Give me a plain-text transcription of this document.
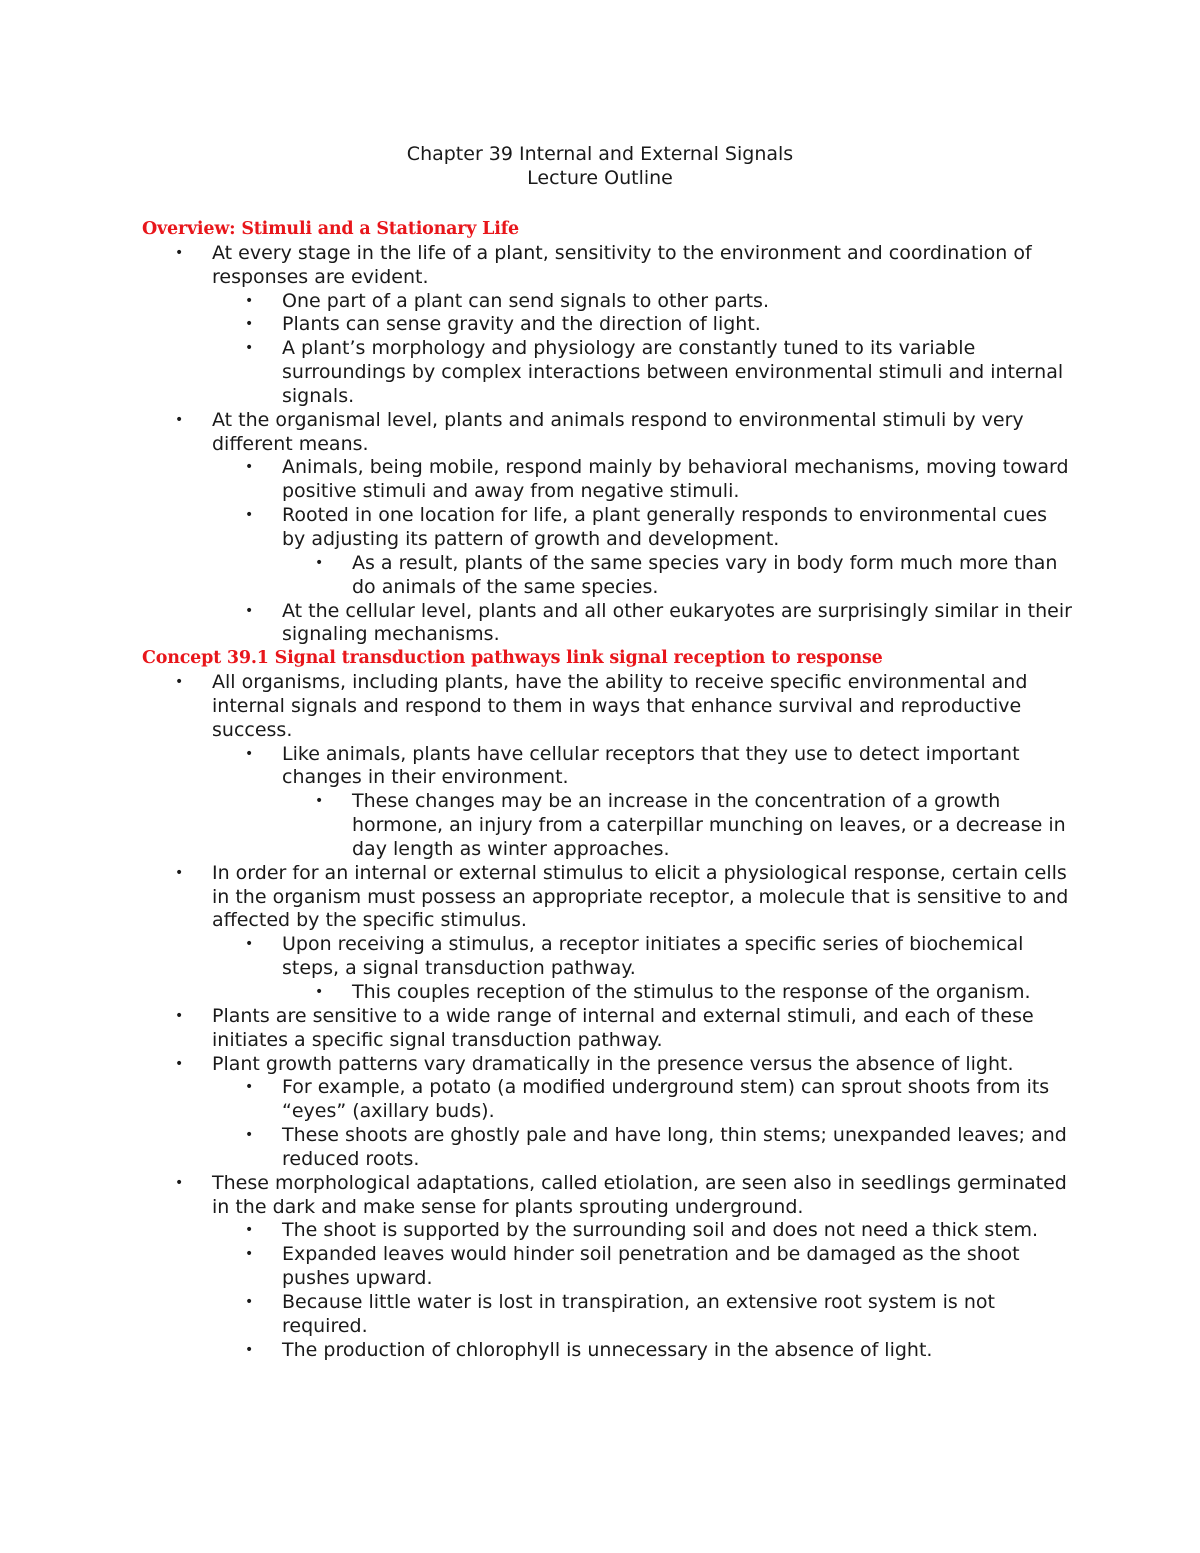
Chapter 39 Internal and External Signals
Lecture Outline
Overview: Stimuli and a Stationary Life
• At every stage in the life of a plant, sensitivity to the environment and coordination of responses are evident.
• One part of a plant can send signals to other parts.
• Plants can sense gravity and the direction of light.
• A plant’s morphology and physiology are constantly tuned to its variable surroundings by complex interactions between environmental stimuli and internal signals.
• At the organismal level, plants and animals respond to environmental stimuli by very different means.
• Animals, being mobile, respond mainly by behavioral mechanisms, moving toward positive stimuli and away from negative stimuli.
• Rooted in one location for life, a plant generally responds to environmental cues by adjusting its pattern of growth and development.
• As a result, plants of the same species vary in body form much more than do animals of the same species.
• At the cellular level, plants and all other eukaryotes are surprisingly similar in their signaling mechanisms.
Concept 39.1 Signal transduction pathways link signal reception to response
• All organisms, including plants, have the ability to receive specific environmental and internal signals and respond to them in ways that enhance survival and reproductive success.
• Like animals, plants have cellular receptors that they use to detect important changes in their environment.
• These changes may be an increase in the concentration of a growth hormone, an injury from a caterpillar munching on leaves, or a decrease in day length as winter approaches.
• In order for an internal or external stimulus to elicit a physiological response, certain cells in the organism must possess an appropriate receptor, a molecule that is sensitive to and affected by the specific stimulus.
• Upon receiving a stimulus, a receptor initiates a specific series of biochemical steps, a signal transduction pathway.
• This couples reception of the stimulus to the response of the organism.
• Plants are sensitive to a wide range of internal and external stimuli, and each of these initiates a specific signal transduction pathway.
• Plant growth patterns vary dramatically in the presence versus the absence of light.
• For example, a potato (a modified underground stem) can sprout shoots from its “eyes” (axillary buds).
• These shoots are ghostly pale and have long, thin stems; unexpanded leaves; and reduced roots.
• These morphological adaptations, called etiolation, are seen also in seedlings germinated in the dark and make sense for plants sprouting underground.
• The shoot is supported by the surrounding soil and does not need a thick stem.
• Expanded leaves would hinder soil penetration and be damaged as the shoot pushes upward.
• Because little water is lost in transpiration, an extensive root system is not required.
• The production of chlorophyll is unnecessary in the absence of light.
